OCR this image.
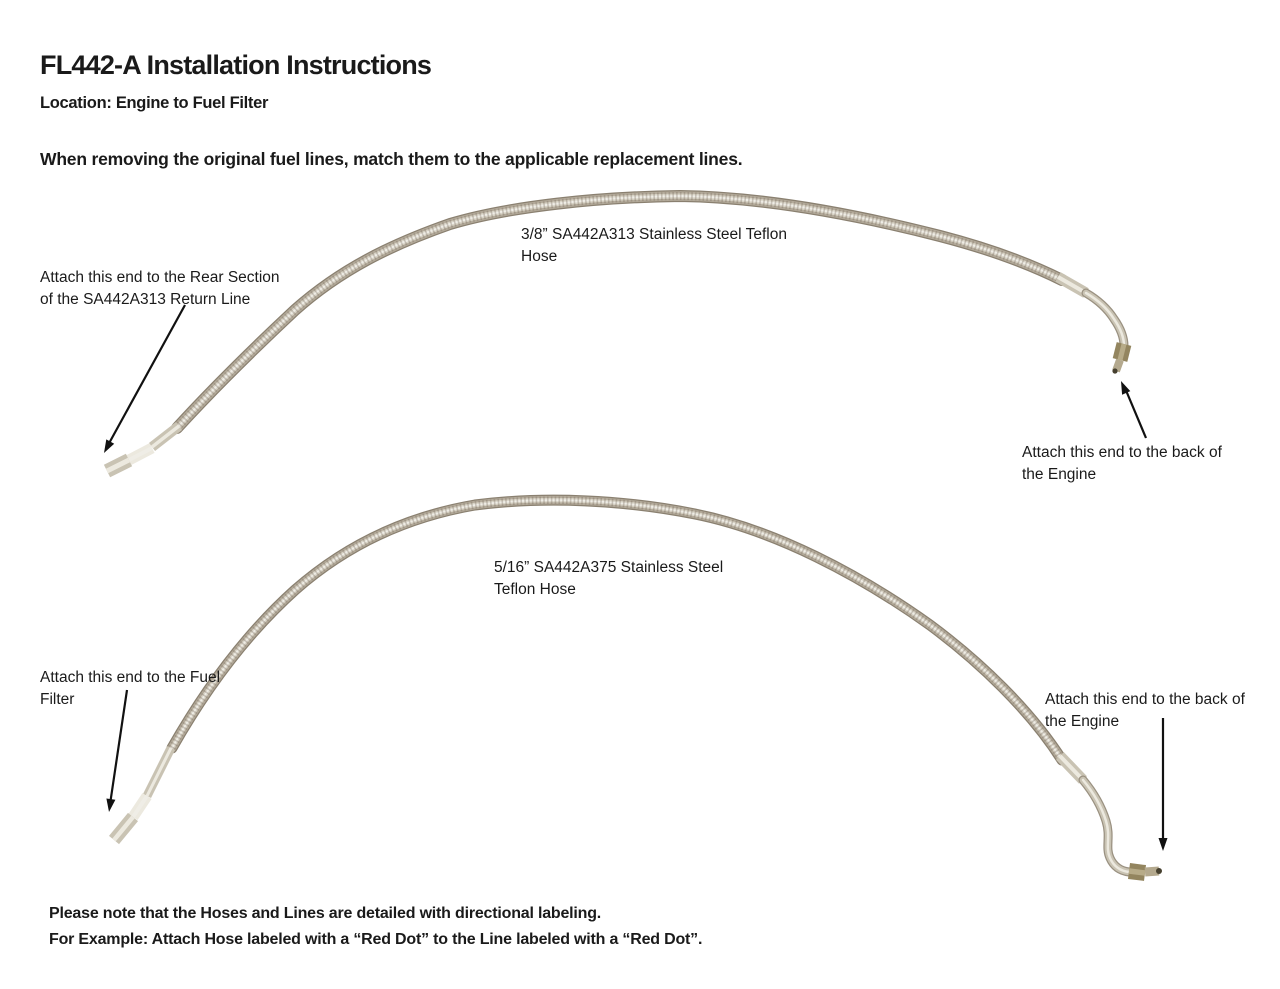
FL442-A Installation Instructions
Location: Engine to Fuel Filter
When removing the original fuel lines, match them to the applicable replacement lines.
3/8” SA442A313 Stainless Steel Teflon
Hose
Attach this end to the Rear Section
of the SA442A313 Return Line
Attach this end to the back of
the Engine
5/16” SA442A375 Stainless Steel
Teflon Hose
Attach this end to the Fuel
Filter	Attach this end to the back of
the Engine
Please note that the Hoses and Lines are detailed with directional labeling.
For Example: Attach Hose labeled with a “Red Dot” to the Line labeled with a “Red Dot”.
